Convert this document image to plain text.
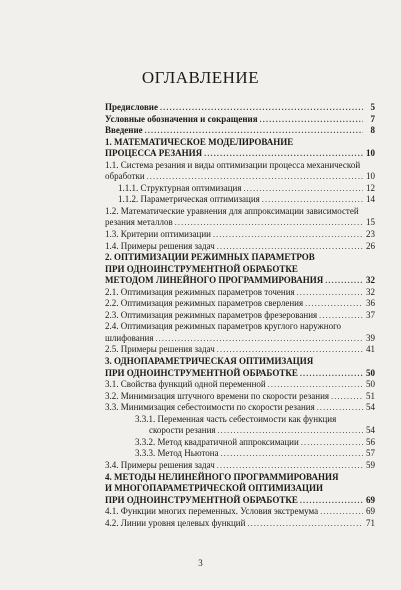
ОГЛАВЛЕНИЕ
Предисловие .....	5
Условные обозначения и сокращения .....	7
Введение .....	8
1. МАТЕМАТИЧЕСКОЕ МОДЕЛИРОВАНИЕ
ПРОЦЕССА РЕЗАНИЯ .....	10
1.1. Система резания и виды оптимизации процесса механической
обработки .....	10
1.1.1. Структурная оптимизация .....	12
1.1.2. Параметрическая оптимизация .....	14
1.2. Математические уравнения для аппроксимации зависимостей
резания металлов .....	15
1.3. Критерии оптимизации .....	23
1.4. Примеры решения задач .....	26
2. ОПТИМИЗАЦИИ РЕЖИМНЫХ ПАРАМЕТРОВ
ПРИ ОДНОИНСТРУМЕНТНОЙ ОБРАБОТКЕ
МЕТОДОМ ЛИНЕЙНОГО ПРОГРАММИРОВАНИЯ .....	32
2.1. Оптимизация режимных параметров точения .....	32
2.2. Оптимизация режимных параметров сверления .....	36
2.3. Оптимизация режимных параметров фрезерования .....	37
2.4. Оптимизация режимных параметров круглого наружного
шлифования .....	39
2.5. Примеры решения задач .....	41
3. ОДНОПАРАМЕТРИЧЕСКАЯ ОПТИМИЗАЦИЯ
ПРИ ОДНОИНСТРУМЕНТНОЙ ОБРАБОТКЕ .....	50
3.1. Свойства функций одной переменной .....	50
3.2. Минимизация штучного времени по скорости резания .....	51
3.3. Минимизация себестоимости по скорости резания .....	54
3.3.1. Переменная часть себестоимости как функция
скорости резания .....	54
3.3.2. Метод квадратичной аппроксимации .....	56
3.3.3. Метод Ньютона .....	57
3.4. Примеры решения задач .....	59
4. МЕТОДЫ НЕЛИНЕЙНОГО ПРОГРАММИРОВАНИЯ
И МНОГОПАРАМЕТРИЧЕСКОЙ ОПТИМИЗАЦИИ
ПРИ ОДНОИНСТРУМЕНТНОЙ ОБРАБОТКЕ .....	69
4.1. Функции многих переменных. Условия экстремума .....	69
4.2. Линии уровня целевых функций .....	71
3
